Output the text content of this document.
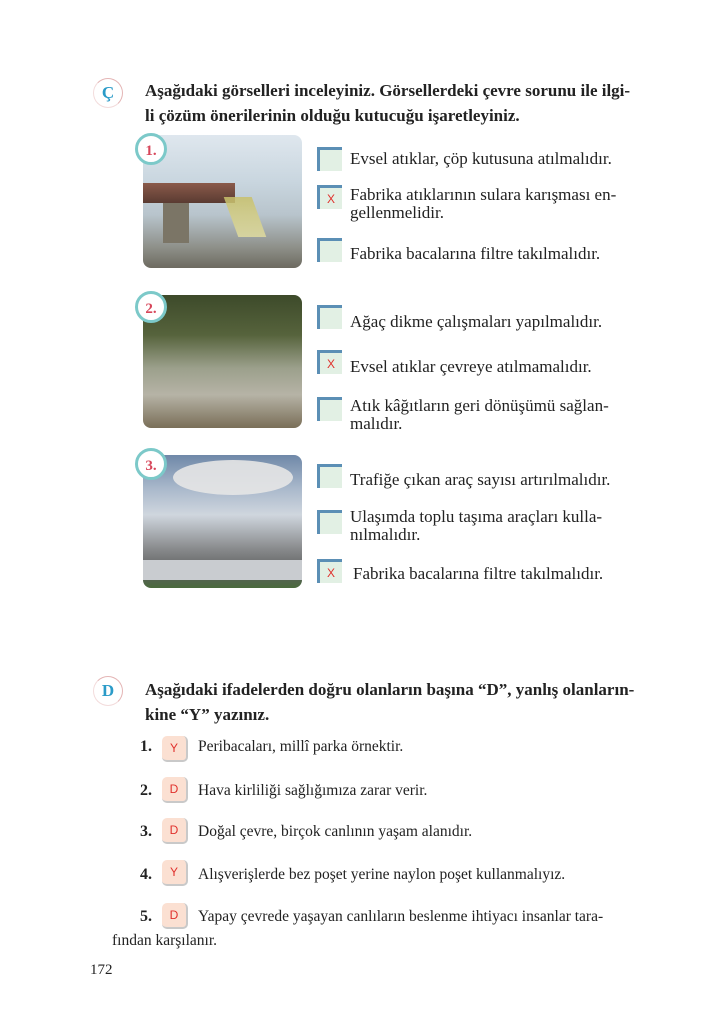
Ç	Aşağıdaki görselleri inceleyiniz. Görsellerdeki çevre sorunu ile ilgi-
li çözüm önerilerinin olduğu kutucuğu işaretleyiniz.
1.	Evsel atıklar, çöp kutusuna atılmalıdır.
X Fabrika atıklarının sulara karışması en-
gellenmelidir.
Fabrika bacalarına filtre takılmalıdır.
2.
Ağaç dikme çalışmaları yapılmalıdır.
X Evsel atıklar çevreye atılmamalıdır.
Atık kâğıtların geri dönüşümü sağlan-
malıdır.
3.
Trafiğe çıkan araç sayısı artırılmalıdır.
Ulaşımda toplu taşıma araçları kulla-
nılmalıdır.
X	Fabrika bacalarına filtre takılmalıdır.
D	Aşağıdaki ifadelerden doğru olanların başına “D”, yanlış olanların-
kine “Y” yazınız.
1.	Y	Peribacaları, millî parka örnektir.
2.	D	Hava kirliliği sağlığımıza zarar verir.
3.	D	Doğal çevre, birçok canlının yaşam alanıdır.
4.	Y	Alışverişlerde bez poşet yerine naylon poşet kullanmalıyız.
5.	D	Yapay çevrede yaşayan canlıların beslenme ihtiyacı insanlar tara-
fından karşılanır.
172
